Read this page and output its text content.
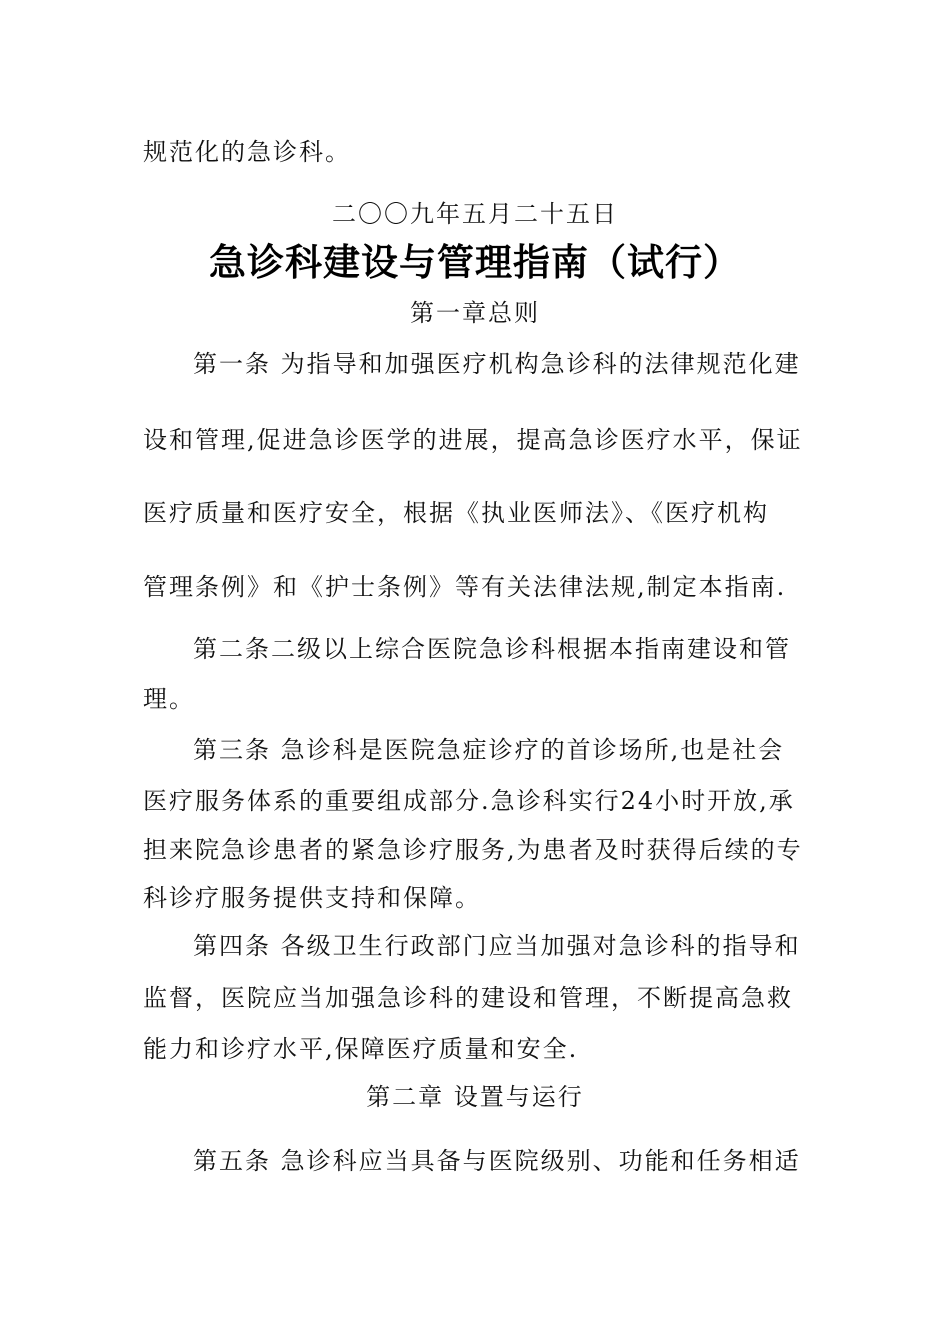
规范化的急诊科。
二〇〇九年五月二十五日
急诊科建设与管理指南（试行）
第一章总则
第一条 为指导和加强医疗机构急诊科的法律规范化建
设和管理,促进急诊医学的进展，提高急诊医疗水平，保证
医疗质量和医疗安全，根据《执业医师法》、《医疗机构
管理条例》和《护士条例》等有关法律法规,制定本指南.
第二条二级以上综合医院急诊科根据本指南建设和管
理。
第三条 急诊科是医院急症诊疗的首诊场所,也是社会
医疗服务体系的重要组成部分.急诊科实行24小时开放,承
担来院急诊患者的紧急诊疗服务,为患者及时获得后续的专
科诊疗服务提供支持和保障。
第四条 各级卫生行政部门应当加强对急诊科的指导和
监督，医院应当加强急诊科的建设和管理，不断提高急救
能力和诊疗水平,保障医疗质量和安全.
第二章 设置与运行
第五条 急诊科应当具备与医院级别、功能和任务相适
